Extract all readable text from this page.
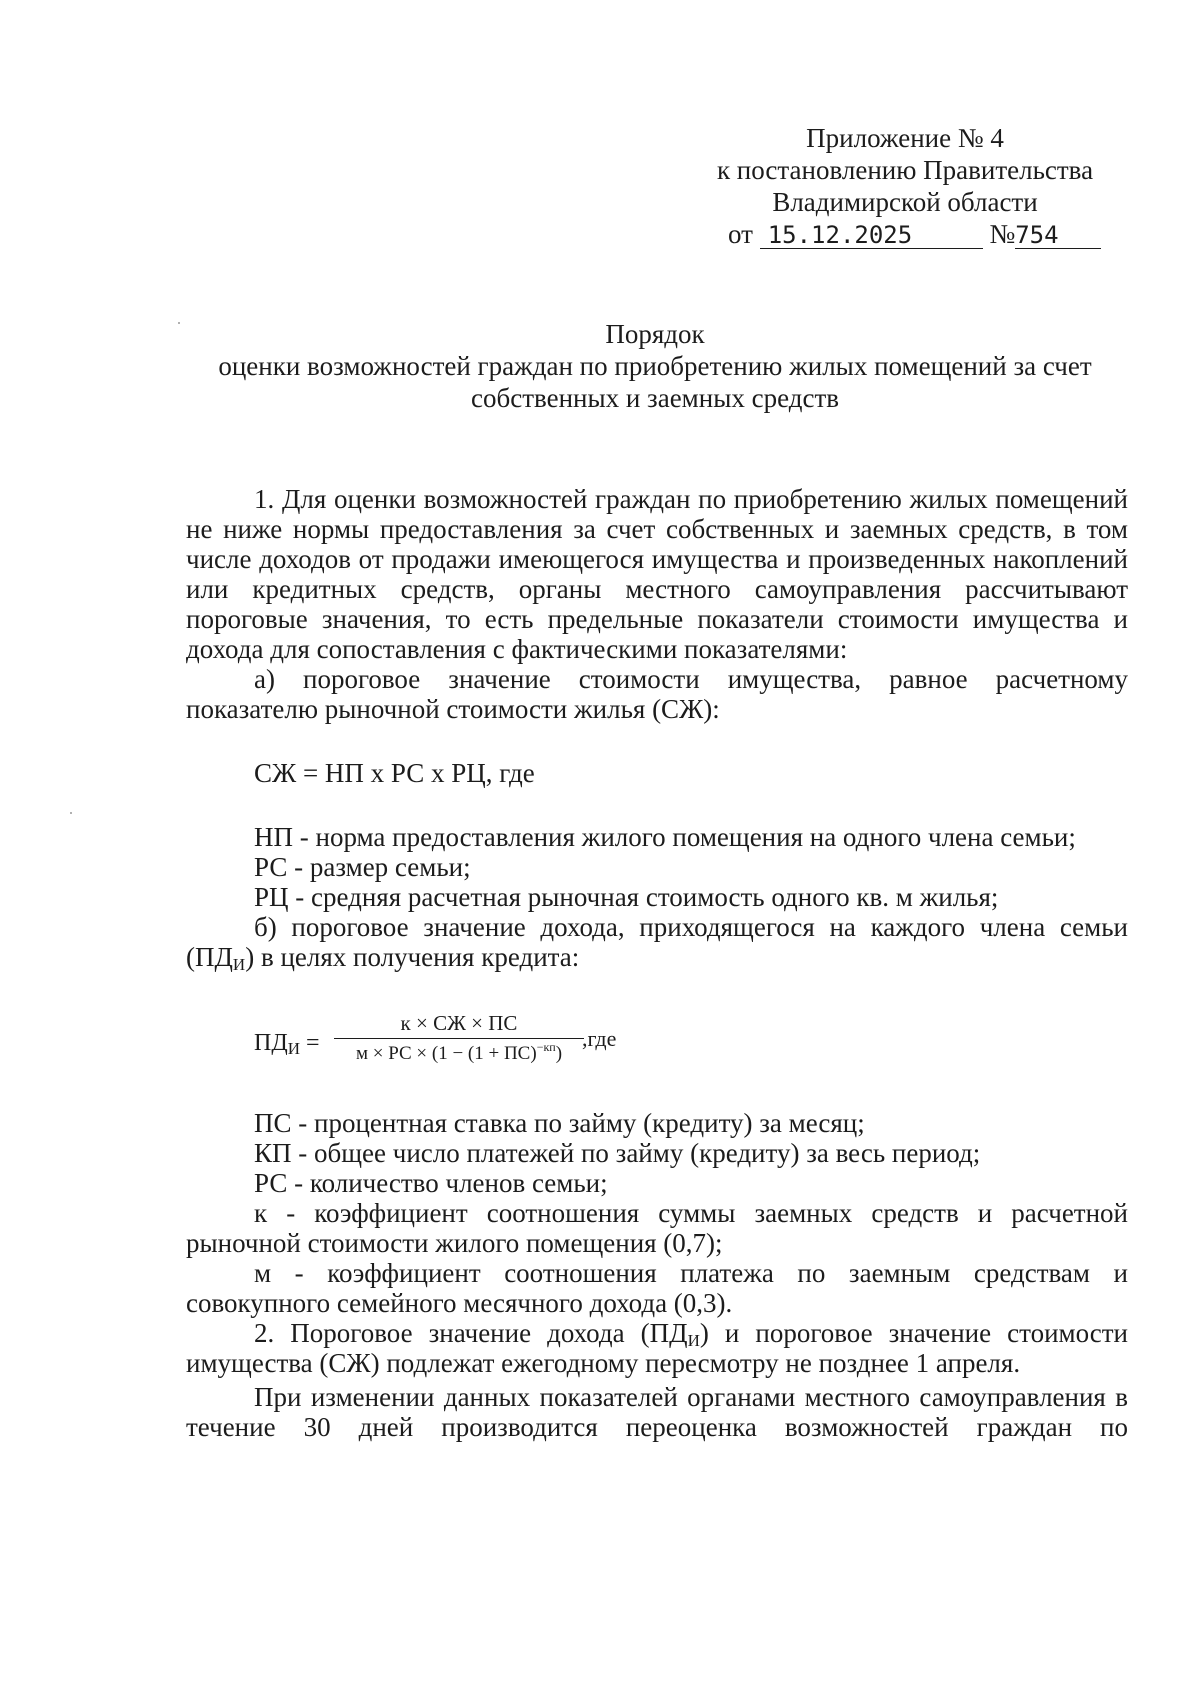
Приложение № 4
к постановлению Правительства
Владимирской области
от 15.12.2025	№754
Порядок
оценки возможностей граждан по приобретению жилых помещений за счет
собственных и заемных средств

1. Для оценки возможностей граждан по приобретению жилых помещений не ниже нормы предоставления за счет собственных и заемных средств, в том числе доходов от продажи имеющегося имущества и произведенных накоплений или кредитных средств, органы местного самоуправления рассчитывают пороговые значения, то есть предельные показатели стоимости имущества и дохода для сопоставления с фактическими показателями:

а) пороговое значение стоимости имущества, равное расчетному показателю рыночной стоимости жилья (СЖ):

СЖ = НП х РС х РЦ, где

НП - норма предоставления жилого помещения на одного члена семьи;

РС - размер семьи;

РЦ - средняя расчетная рыночная стоимость одного кв. м жилья;

б) пороговое значение дохода, приходящегося на каждого члена семьи $(ПД_И)$ в целях получения кредита:

$ПД_И$ =
к × СЖ × ПС
м × РС × (1 − (1 + ПС)$^{-кп}$)
,где

ПС - процентная ставка по займу (кредиту) за месяц;

КП - общее число платежей по займу (кредиту) за весь период;

РС - количество членов семьи;

к - коэффициент соотношения суммы заемных средств и расчетной рыночной стоимости жилого помещения (0,7);

м - коэффициент соотношения платежа по заемным средствам и совокупного семейного месячного дохода (0,3).

2. Пороговое значение дохода $(ПД_И)$ и пороговое значение стоимости имущества (СЖ) подлежат ежегодному пересмотру не позднее 1 апреля.

При изменении данных показателей органами местного самоуправления в течение 30 дней производится переоценка возможностей граждан по
